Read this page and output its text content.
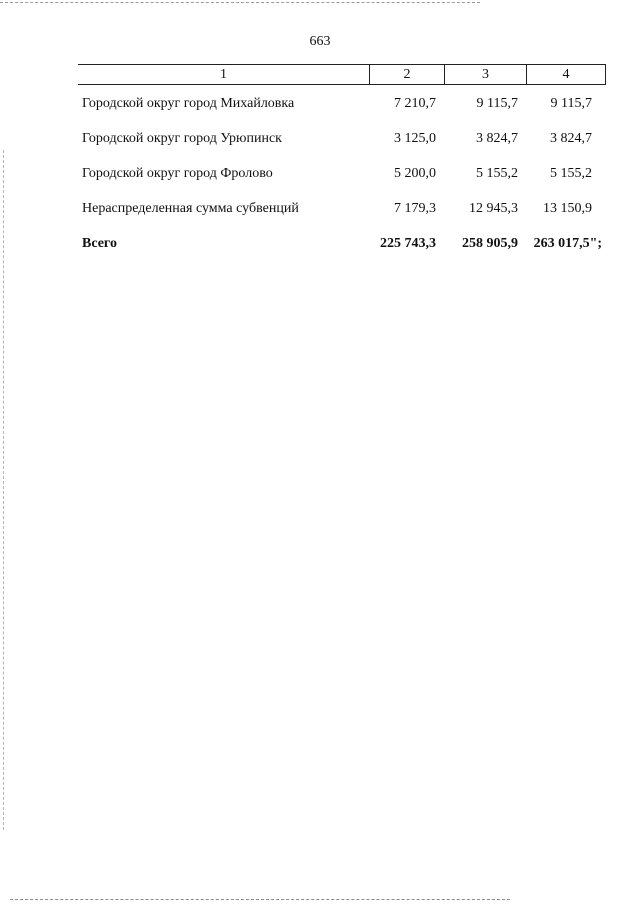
663
1	2	3	4
Городской округ город Михайловка	7 210,7	9 115,7	9 115,7
Городской округ город Урюпинск	3 125,0	3 824,7	3 824,7
Городской округ город Фролово	5 200,0	5 155,2	5 155,2
Нераспределенная сумма субвенций	7 179,3	12 945,3	13 150,9
Всего	225 743,3	258 905,9	263 017,5";
